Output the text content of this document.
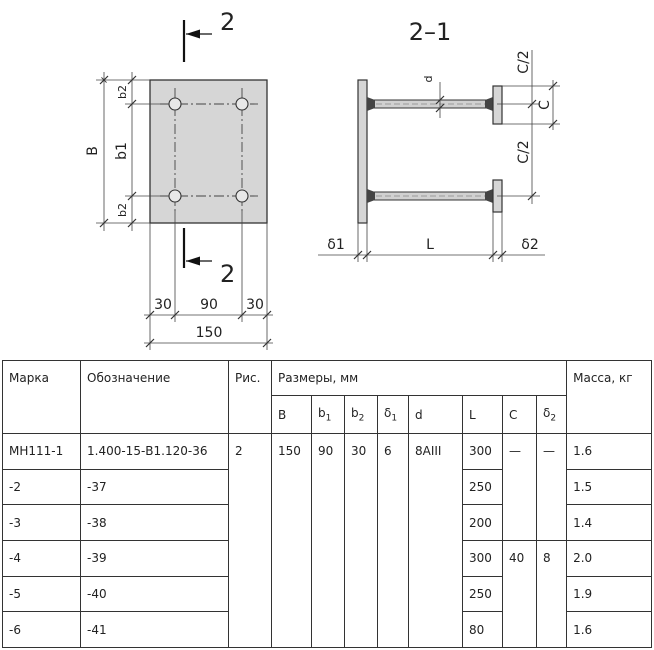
2
2
B
b2
b1
b2
30 90 30
150
2–1
d
C/2
C
C/2
δ1	L	δ2
Марка	Обозначение	Рис.	Размеры, мм								Масса, кг
			B	$b_1$	$b_2$	$\delta_1$	d	L	C	$\delta_2$
МН111-1	1.400-15-В1.120-36	2	150	90	30	6	8AIII	300	—	—	1.6
-2	-37							250			1.5
-3	-38							200			1.4
-4	-39							300	40	8	2.0
-5	-40							250			1.9
-6	-41							80			1.6
